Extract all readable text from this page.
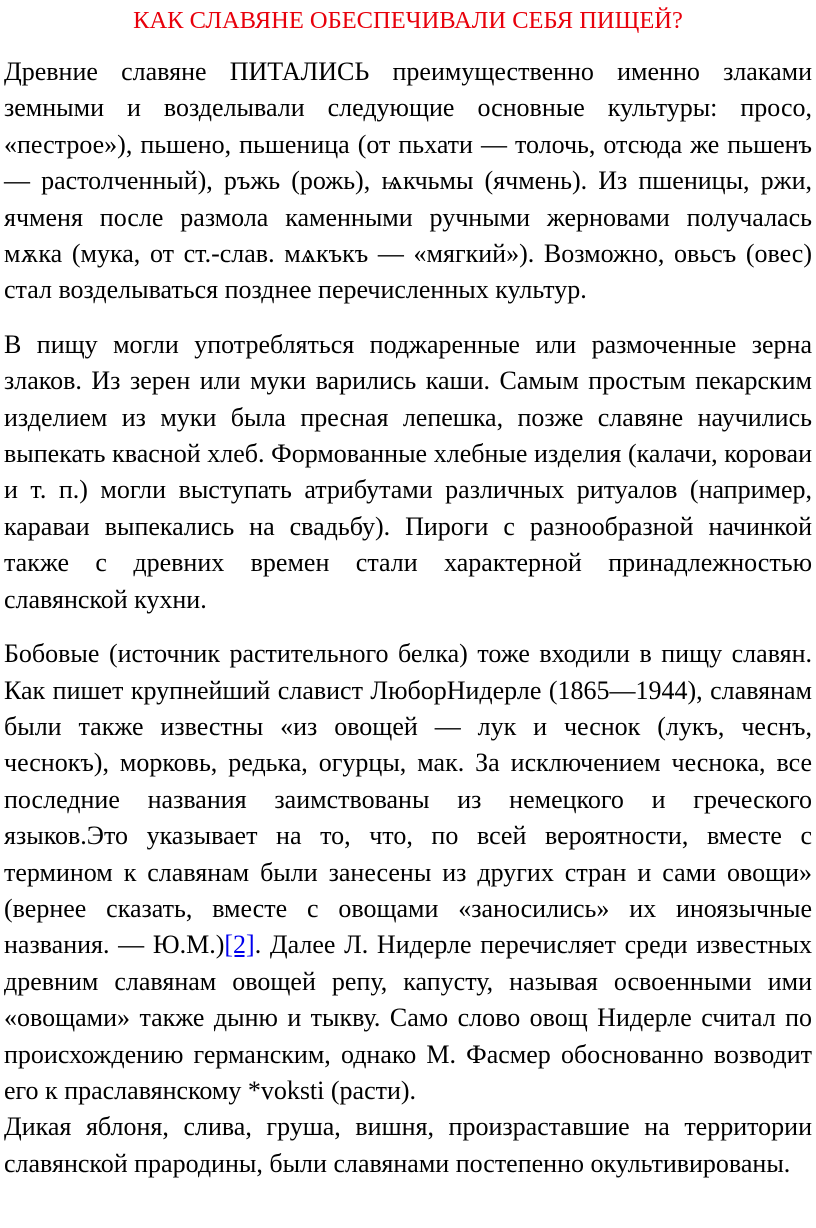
КАК СЛАВЯНЕ ОБЕСПЕЧИВАЛИ СЕБЯ ПИЩЕЙ?

Древние славяне ПИТАЛИСЬ преимущественно именно злаками земными и возделывали следующие основные культуры: просо, «пестрое»), пьшено, пьшеница (от пьхати — толочь, отсюда же пьшенъ — растолченный), ръжь (рожь), ѩкчьмы (ячмень). Из пшеницы, ржи, ячменя после размола каменными ручными жерновами получалась мѫка (мука, от ст.-слав. мѧкъкъ — «мягкий»). Возможно, овьсъ (овес) стал возделываться позднее перечисленных культур.

В пищу могли употребляться поджаренные или размоченные зерна злаков. Из зерен или муки варились каши. Самым простым пекарским изделием из муки была пресная лепешка, позже славяне научились выпекать квасной хлеб. Формованные хлебные изделия (калачи, короваи и т. п.) могли выступать атрибутами различных ритуалов (например, караваи выпекались на свадьбу). Пироги с разнообразной начинкой также с древних времен стали характерной принадлежностью славянской кухни.

Бобовые (источник растительного белка) тоже входили в пищу славян. Как пишет крупнейший славист ЛюборНидерле (1865—1944), славянам были также известны «из овощей — лук и чеснок (лукъ, чеснъ, чеснокъ), морковь, редька, огурцы, мак. За исключением чеснока, все последние названия заимствованы из немецкого и греческого языков.Это указывает на то, что, по всей вероятности, вместе с термином к славянам были занесены из других стран и сами овощи» (вернее сказать, вместе с овощами «заносились» их иноязычные названия. — Ю.М.)[2]. Далее Л. Нидерле перечисляет среди известных древним славянам овощей репу, капусту, называя освоенными ими «овощами» также дыню и тыкву. Само слово овощ Нидерле считал по происхождению германским, однако М. Фасмер обоснованно возводит его к праславянскому *voksti (расти).

Дикая яблоня, слива, груша, вишня, произраставшие на территории славянской прародины, были славянами постепенно окультивированы.
